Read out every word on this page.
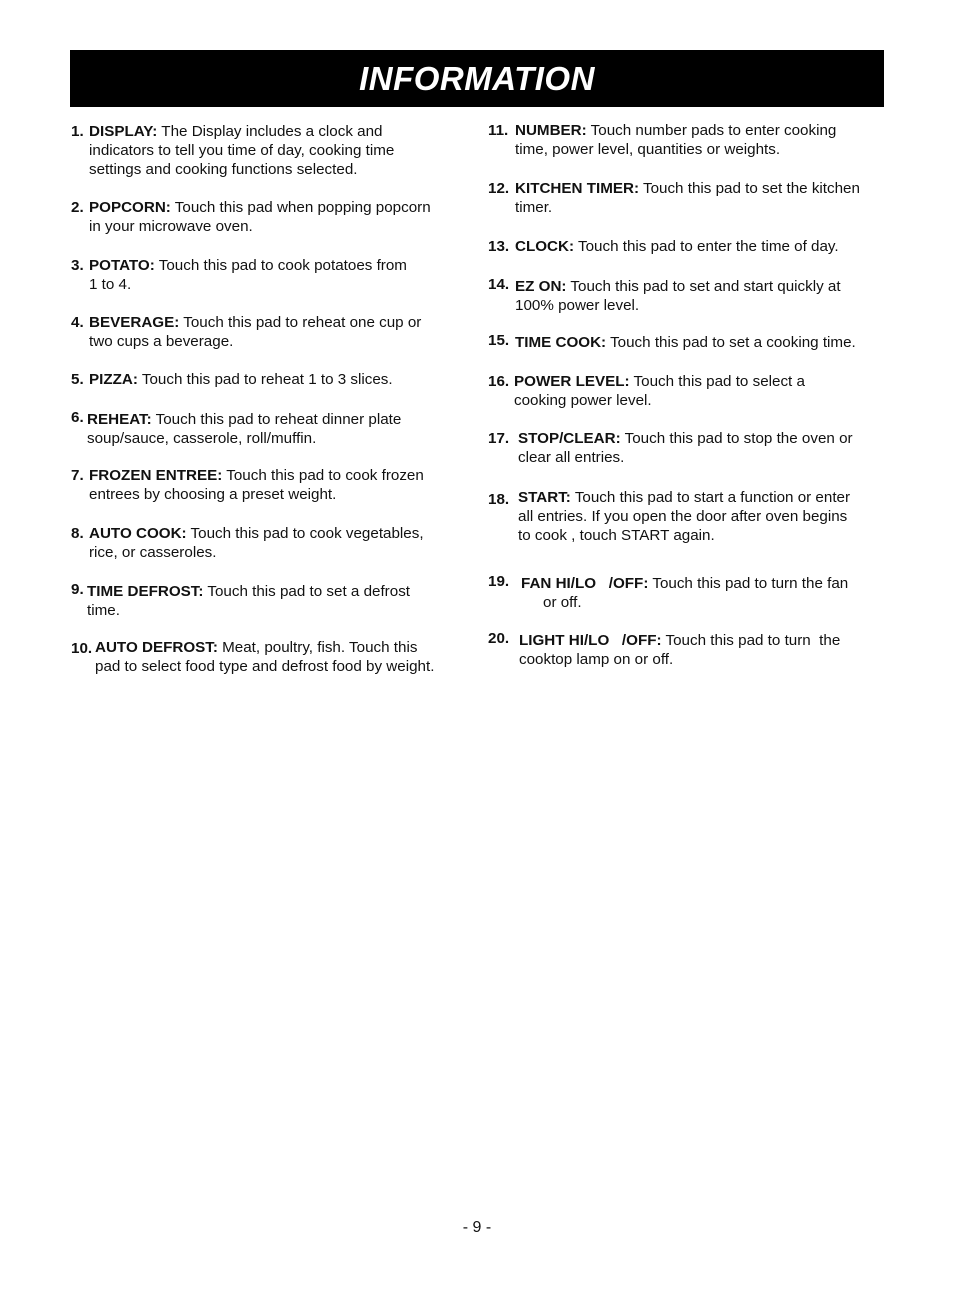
INFORMATION
1. DISPLAY: The Display includes a clock and
indicators to tell you time of day, cooking time
settings and cooking functions selected.
2. POPCORN: Touch this pad when popping popcorn
in your microwave oven.
3. POTATO: Touch this pad to cook potatoes from
1 to 4.
4. BEVERAGE: Touch this pad to reheat one cup or
two cups a beverage.
5. PIZZA: Touch this pad to reheat 1 to 3 slices.
6. REHEAT: Touch this pad to reheat dinner plate
soup/sauce, casserole, roll/muffin.
7. FROZEN ENTREE: Touch this pad to cook frozen
entrees by choosing a preset weight.
8. AUTO COOK: Touch this pad to cook vegetables,
rice, or casseroles.
9. TIME DEFROST: Touch this pad to set a defrost
time.
10. AUTO DEFROST: Meat, poultry, fish. Touch this
pad to select food type and defrost food by weight.
11. NUMBER: Touch number pads to enter cooking
time, power level, quantities or weights.
12. KITCHEN TIMER: Touch this pad to set the kitchen
timer.
13. CLOCK: Touch this pad to enter the time of day.
14. EZ ON: Touch this pad to set and start quickly at
100% power level.
15. TIME COOK: Touch this pad to set a cooking time.
16. POWER LEVEL: Touch this pad to select a
cooking power level.
17. STOP/CLEAR: Touch this pad to stop the oven or
clear all entries.
18. START: Touch this pad to start a function or enter
all entries. If you open the door after oven begins
to cook , touch START again.
19. FAN HI/LO   /OFF: Touch this pad to turn the fan
or off.
20. LIGHT HI/LO   /OFF: Touch this pad to turn  the
cooktop lamp on or off.
- 9 -
